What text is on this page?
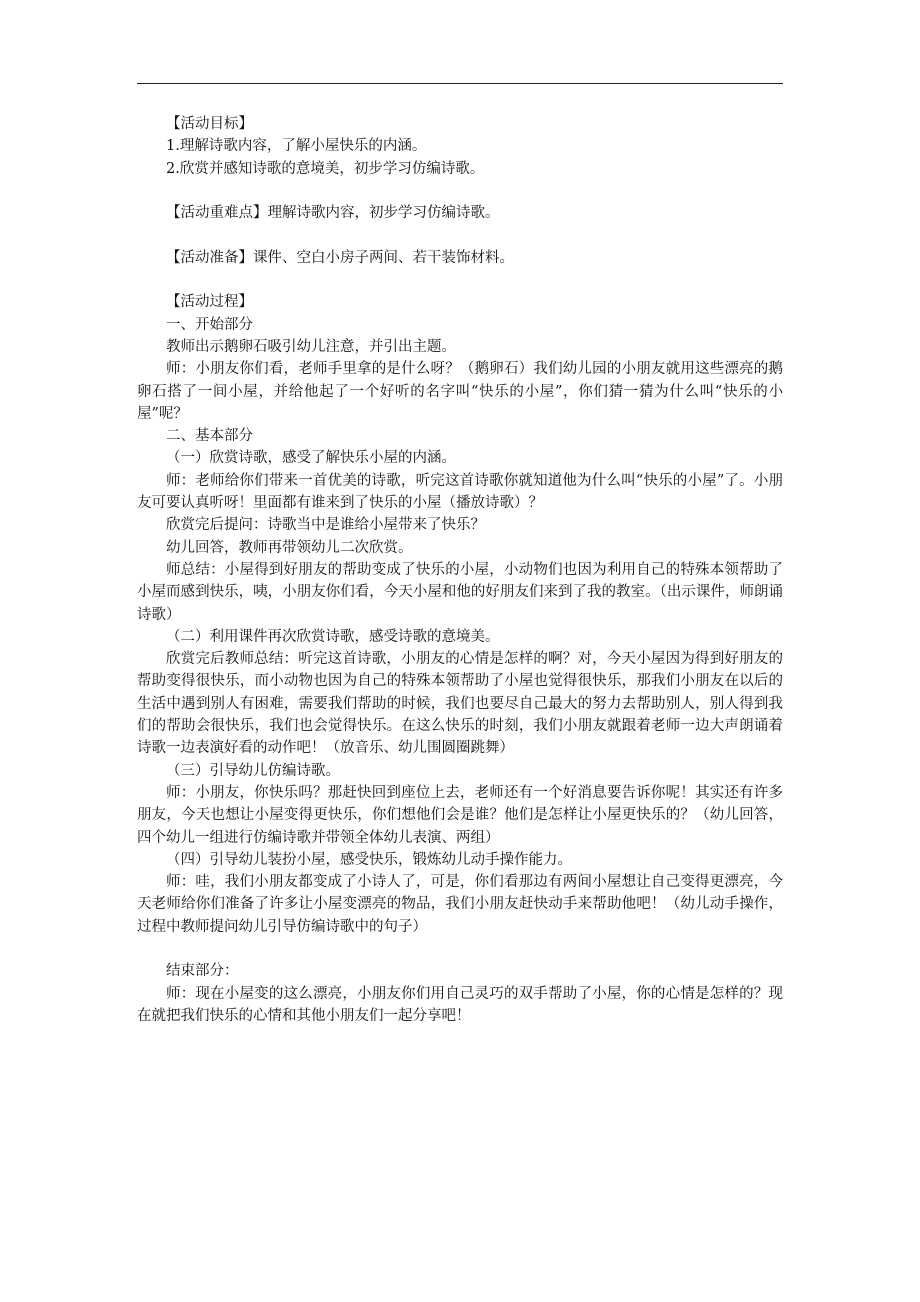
【活动目标】

1.理解诗歌内容，了解小屋快乐的内涵。

2.欣赏并感知诗歌的意境美，初步学习仿编诗歌。

【活动重难点】理解诗歌内容，初步学习仿编诗歌。

【活动准备】课件、空白小房子两间、若干装饰材料。

【活动过程】

一、开始部分

教师出示鹅卵石吸引幼儿注意，并引出主题。

师：小朋友你们看，老师手里拿的是什么呀？（鹅卵石）我们幼儿园的小朋友就用这些漂亮的鹅卵石搭了一间小屋，并给他起了一个好听的名字叫“快乐的小屋”，你们猜一猜为什么叫“快乐的小屋”呢？

二、基本部分

（一）欣赏诗歌，感受了解快乐小屋的内涵。

师：老师给你们带来一首优美的诗歌，听完这首诗歌你就知道他为什么叫“快乐的小屋”了。小朋友可要认真听呀！里面都有谁来到了快乐的小屋（播放诗歌）？

欣赏完后提问：诗歌当中是谁给小屋带来了快乐？

幼儿回答，教师再带领幼儿二次欣赏。

师总结：小屋得到好朋友的帮助变成了快乐的小屋，小动物们也因为利用自己的特殊本领帮助了小屋而感到快乐，咦，小朋友你们看，今天小屋和他的好朋友们来到了我的教室。（出示课件，师朗诵诗歌）

（二）利用课件再次欣赏诗歌，感受诗歌的意境美。

欣赏完后教师总结：听完这首诗歌，小朋友的心情是怎样的啊？对，今天小屋因为得到好朋友的帮助变得很快乐，而小动物也因为自己的特殊本领帮助了小屋也觉得很快乐，那我们小朋友在以后的生活中遇到别人有困难，需要我们帮助的时候，我们也要尽自己最大的努力去帮助别人，别人得到我们的帮助会很快乐，我们也会觉得快乐。在这么快乐的时刻，我们小朋友就跟着老师一边大声朗诵着诗歌一边表演好看的动作吧！（放音乐、幼儿围圆圈跳舞）

（三）引导幼儿仿编诗歌。

师：小朋友，你快乐吗？那赶快回到座位上去，老师还有一个好消息要告诉你呢！其实还有许多朋友，今天也想让小屋变得更快乐，你们想他们会是谁？他们是怎样让小屋更快乐的？（幼儿回答，四个幼儿一组进行仿编诗歌并带领全体幼儿表演、两组）

（四）引导幼儿装扮小屋，感受快乐，锻炼幼儿动手操作能力。

师：哇，我们小朋友都变成了小诗人了，可是，你们看那边有两间小屋想让自己变得更漂亮，今天老师给你们准备了许多让小屋变漂亮的物品，我们小朋友赶快动手来帮助他吧！（幼儿动手操作，过程中教师提问幼儿引导仿编诗歌中的句子）

结束部分：

师：现在小屋变的这么漂亮，小朋友你们用自己灵巧的双手帮助了小屋，你的心情是怎样的？现在就把我们快乐的心情和其他小朋友们一起分享吧！
